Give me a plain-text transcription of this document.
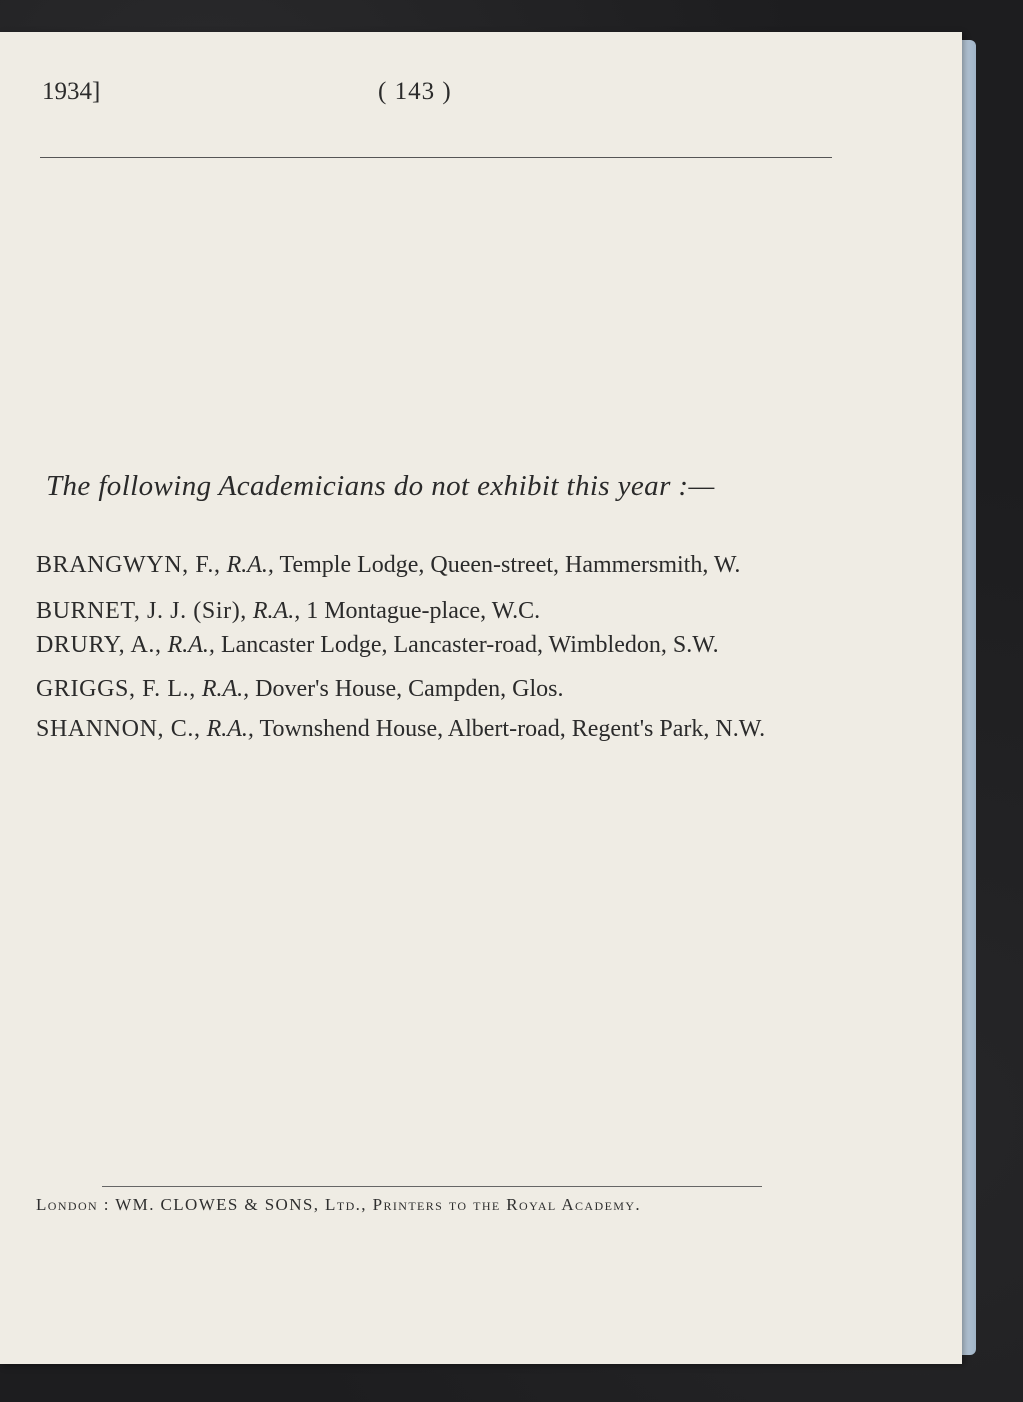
1934]	( 143 )
The following Academicians do not exhibit this year :—

BRANGWYN, F., R.A., Temple Lodge, Queen-street, Hammersmith, W.

BURNET, J. J. (Sir), R.A., 1 Montague-place, W.C.

DRURY, A., R.A., Lancaster Lodge, Lancaster-road, Wimbledon, S.W.

GRIGGS, F. L., R.A., Dover's House, Campden, Glos.

SHANNON, C., R.A., Townshend House, Albert-road, Regent's Park, N.W.

London : WM. CLOWES & SONS, Ltd., Printers to the Royal Academy.
